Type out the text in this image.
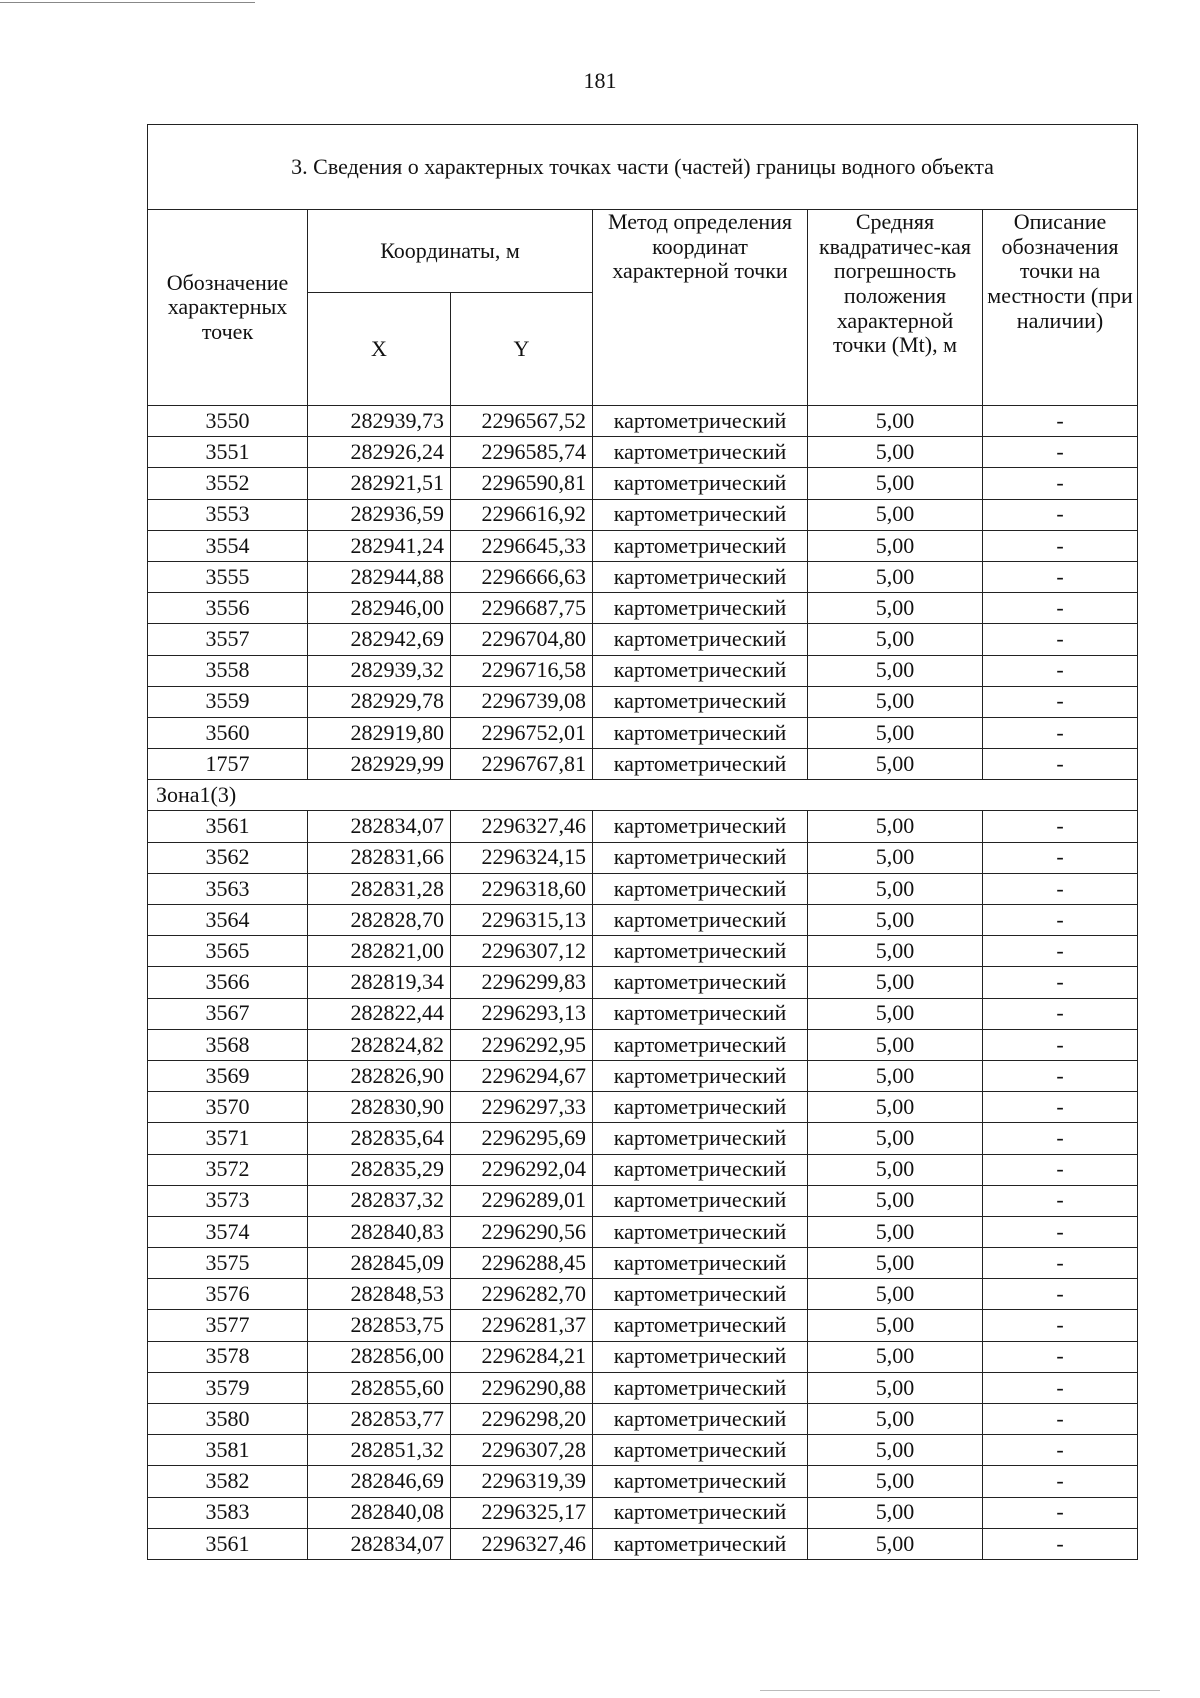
181
3. Сведения о характерных точках части (частей) границы водного объекта					
Обозначение характерных точек	Координаты, м		Метод определения координат характерной точки	Средняя квадратичес-кая погрешность положения характерной точки (Mt), м	Описание обозначения точки на местности (при наличии)
	X	Y			
3550	282939,73	2296567,52	картометрический	5,00	-
3551	282926,24	2296585,74	картометрический	5,00	-
3552	282921,51	2296590,81	картометрический	5,00	-
3553	282936,59	2296616,92	картометрический	5,00	-
3554	282941,24	2296645,33	картометрический	5,00	-
3555	282944,88	2296666,63	картометрический	5,00	-
3556	282946,00	2296687,75	картометрический	5,00	-
3557	282942,69	2296704,80	картометрический	5,00	-
3558	282939,32	2296716,58	картометрический	5,00	-
3559	282929,78	2296739,08	картометрический	5,00	-
3560	282919,80	2296752,01	картометрический	5,00	-
1757	282929,99	2296767,81	картометрический	5,00	-
Зона1(3)					
3561	282834,07	2296327,46	картометрический	5,00	-
3562	282831,66	2296324,15	картометрический	5,00	-
3563	282831,28	2296318,60	картометрический	5,00	-
3564	282828,70	2296315,13	картометрический	5,00	-
3565	282821,00	2296307,12	картометрический	5,00	-
3566	282819,34	2296299,83	картометрический	5,00	-
3567	282822,44	2296293,13	картометрический	5,00	-
3568	282824,82	2296292,95	картометрический	5,00	-
3569	282826,90	2296294,67	картометрический	5,00	-
3570	282830,90	2296297,33	картометрический	5,00	-
3571	282835,64	2296295,69	картометрический	5,00	-
3572	282835,29	2296292,04	картометрический	5,00	-
3573	282837,32	2296289,01	картометрический	5,00	-
3574	282840,83	2296290,56	картометрический	5,00	-
3575	282845,09	2296288,45	картометрический	5,00	-
3576	282848,53	2296282,70	картометрический	5,00	-
3577	282853,75	2296281,37	картометрический	5,00	-
3578	282856,00	2296284,21	картометрический	5,00	-
3579	282855,60	2296290,88	картометрический	5,00	-
3580	282853,77	2296298,20	картометрический	5,00	-
3581	282851,32	2296307,28	картометрический	5,00	-
3582	282846,69	2296319,39	картометрический	5,00	-
3583	282840,08	2296325,17	картометрический	5,00	-
3561	282834,07	2296327,46	картометрический	5,00	-
